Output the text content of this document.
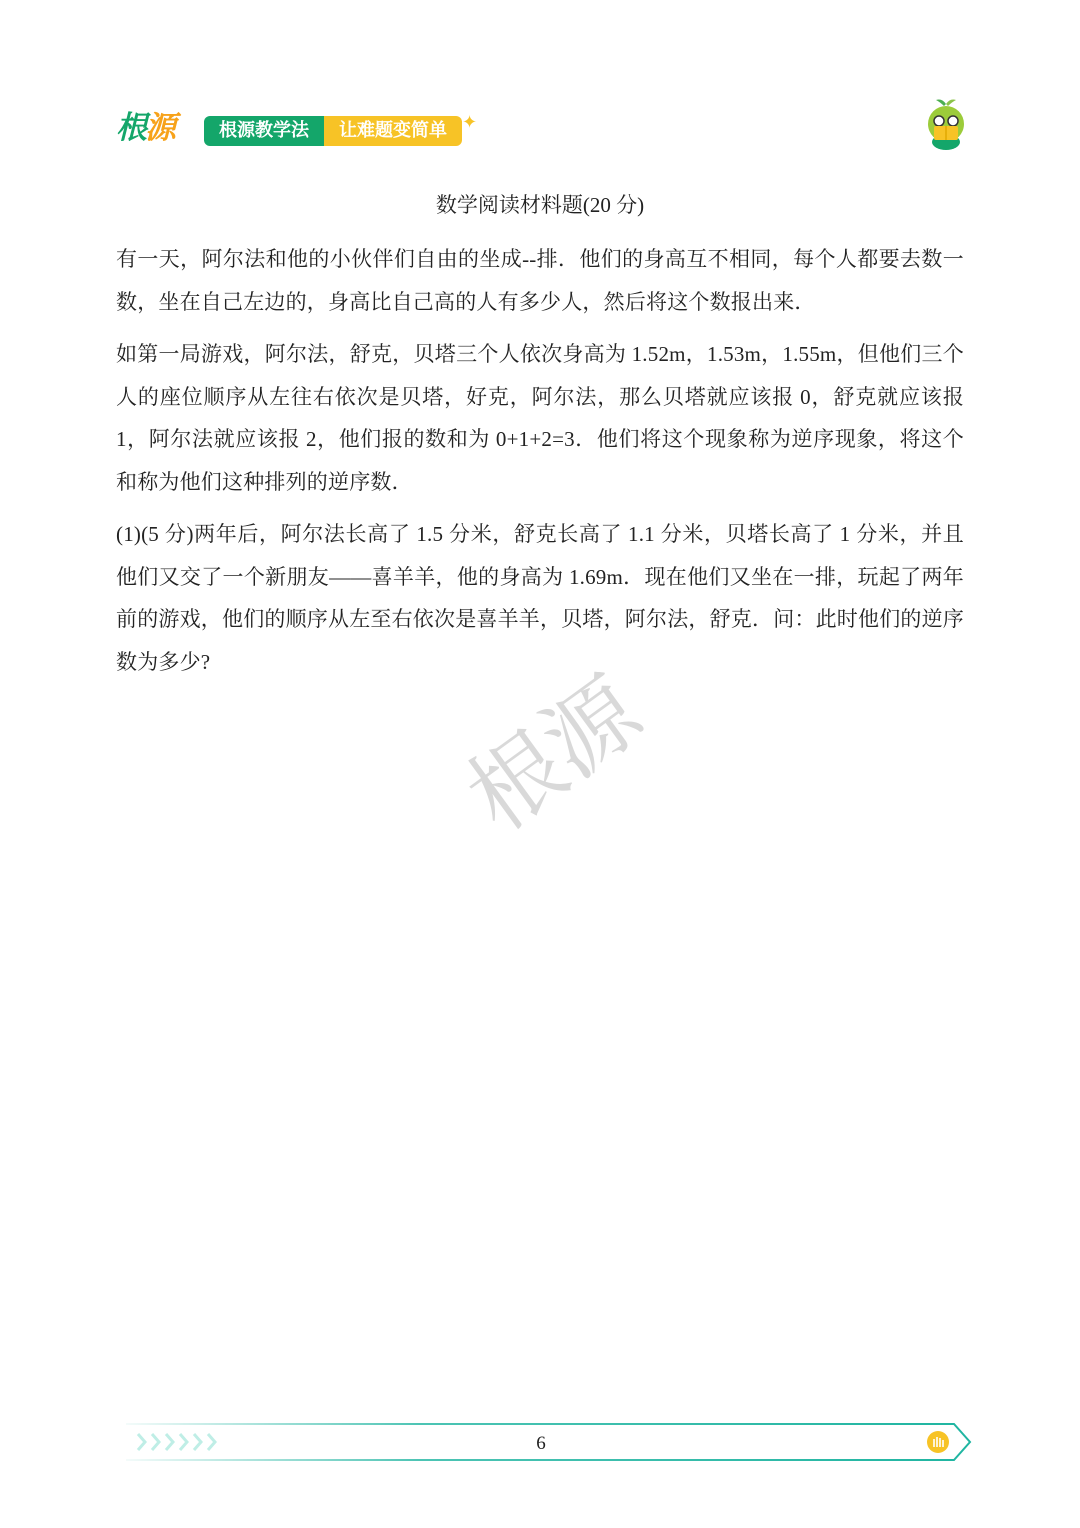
根源	根源教学法	让难题变简单 ✦
数学阅读材料题(20 分)

有一天，阿尔法和他的小伙伴们自由的坐成--排．他们的身高互不相同，每个人都要去数一数，坐在自己左边的，身高比自己高的人有多少人，然后将这个数报出来．

如第一局游戏，阿尔法，舒克，贝塔三个人依次身高为 1.52m，1.53m，1.55m，但他们三个人的座位顺序从左往右依次是贝塔，好克，阿尔法，那么贝塔就应该报 0，舒克就应该报 1，阿尔法就应该报 2，他们报的数和为 0+1+2=3．他们将这个现象称为逆序现象，将这个和称为他们这种排列的逆序数．

(1)(5 分)两年后，阿尔法长高了 1.5 分米，舒克长高了 1.1 分米，贝塔长高了 1 分米，并且他们又交了一个新朋友——喜羊羊，他的身高为 1.69m．现在他们又坐在一排，玩起了两年前的游戏，他们的顺序从左至右依次是喜羊羊，贝塔，阿尔法，舒克．问：此时他们的逆序数为多少?	根源
6
